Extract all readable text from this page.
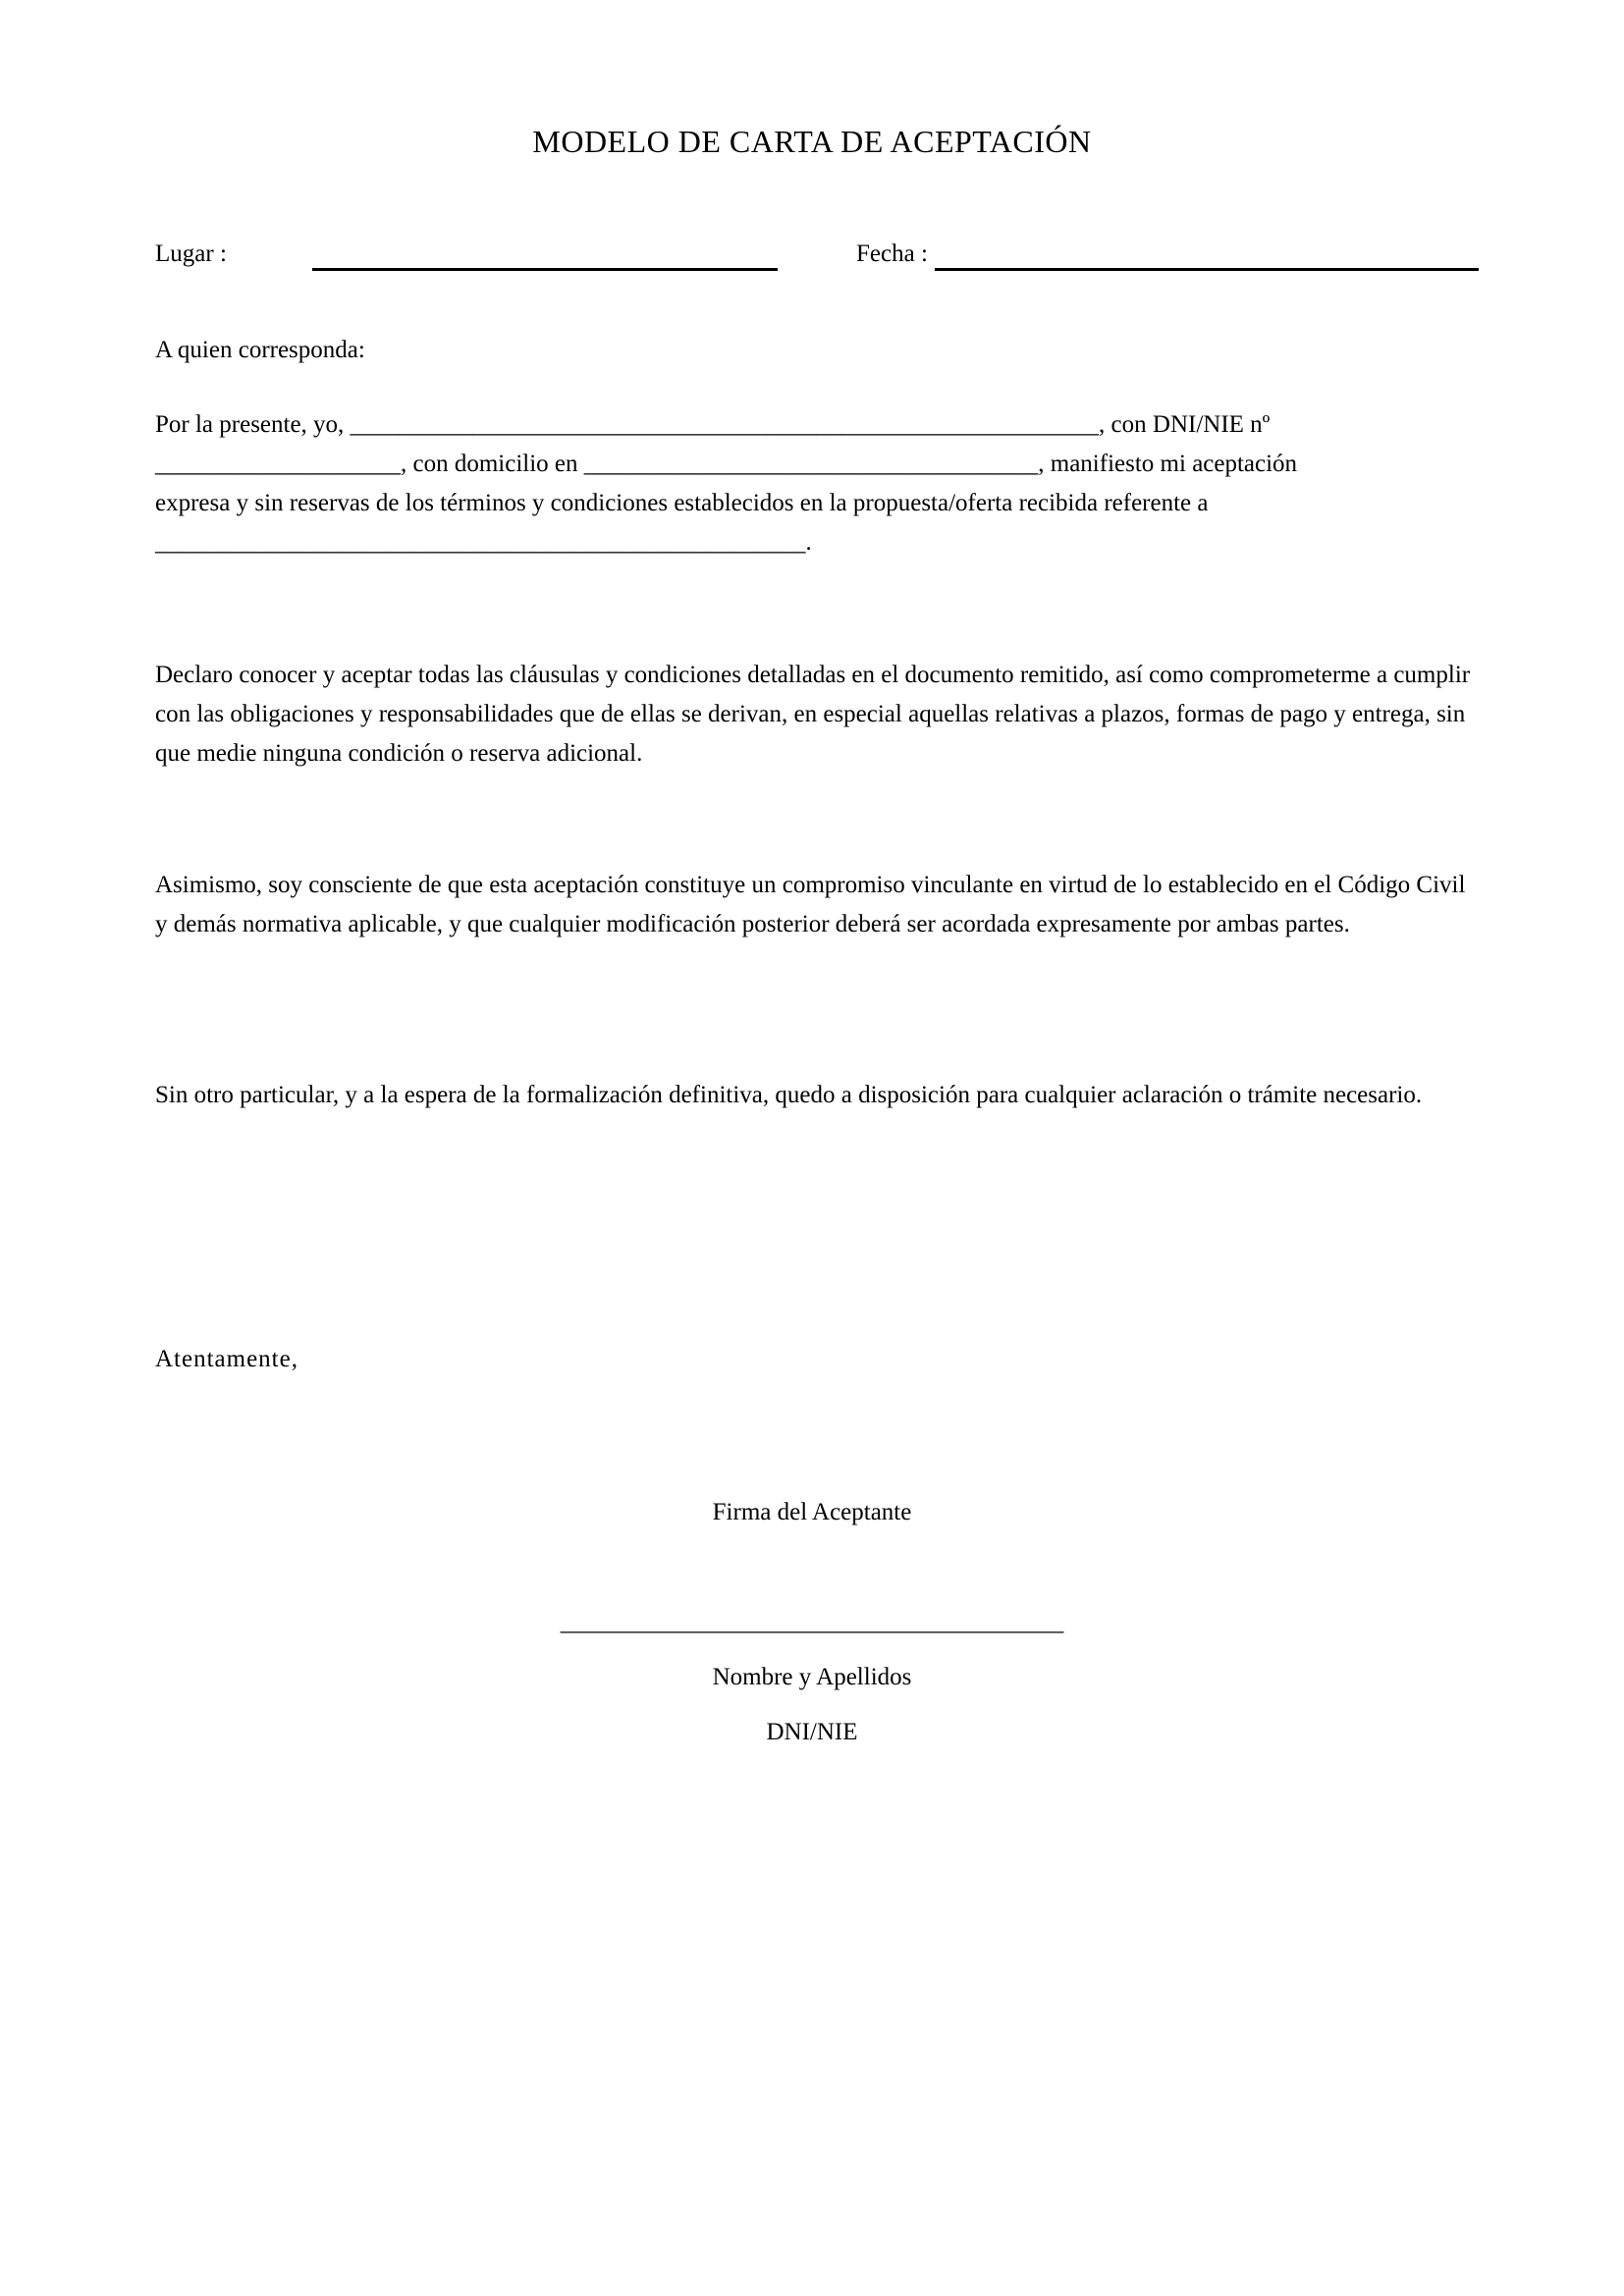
MODELO DE CARTA DE ACEPTACIÓN
Lugar :	Fecha :
A quien corresponda:
Por la presente, yo, _____________________________________________________________, con DNI/NIE nº
____________________, con domicilio en _____________________________________, manifiesto mi aceptación
expresa y sin reservas de los términos y condiciones establecidos en la propuesta/oferta recibida referente a
_____________________________________________________.
Declaro conocer y aceptar todas las cláusulas y condiciones detalladas en el documento remitido, así como comprometerme a cumplir con las obligaciones y responsabilidades que de ellas se derivan, en especial aquellas relativas a plazos, formas de pago y entrega, sin que medie ninguna condición o reserva adicional.
Asimismo, soy consciente de que esta aceptación constituye un compromiso vinculante en virtud de lo establecido en el Código Civil y demás normativa aplicable, y que cualquier modificación posterior deberá ser acordada expresamente por ambas partes.
Sin otro particular, y a la espera de la formalización definitiva, quedo a disposición para cualquier aclaración o trámite necesario.
Atentamente,
Firma del Aceptante
_________________________________________
Nombre y Apellidos
DNI/NIE
